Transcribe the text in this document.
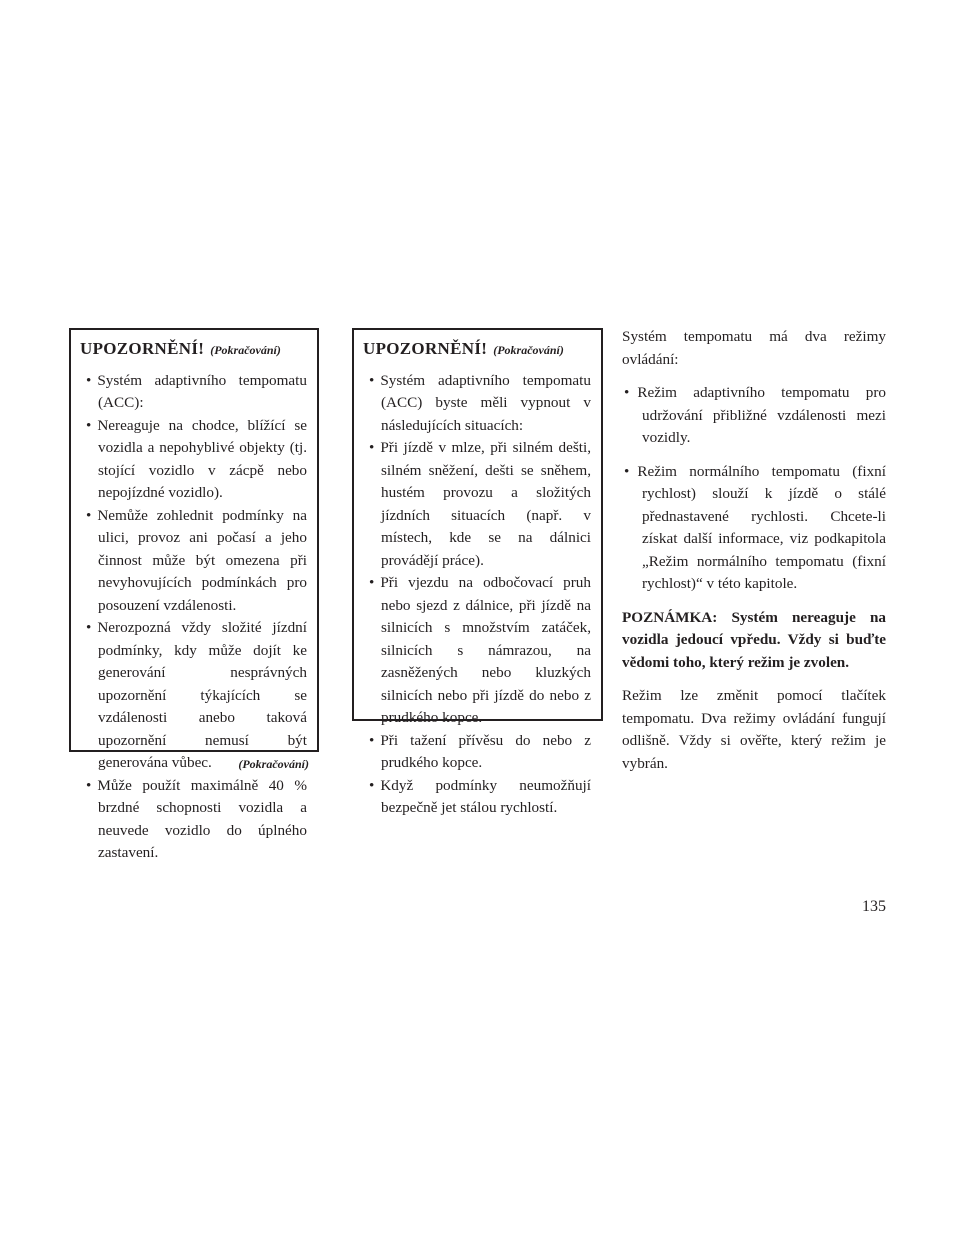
UPOZORNĚNÍ! (Pokračování)
• Systém adaptivního tempomatu (ACC):
• Nereaguje na chodce, blížící se vozidla a nepohyblivé objekty (tj. stojící vozidlo v zácpě nebo nepojízdné vozidlo).
• Nemůže zohlednit podmínky na ulici, provoz ani počasí a jeho činnost může být omezena při nevyhovujících podmínkách pro posouzení vzdálenosti.
• Nerozpozná vždy složité jízdní podmínky, kdy může dojít ke generování nesprávných upozornění týkajících se vzdálenosti anebo taková upozornění nemusí být generována vůbec.
• Může použít maximálně 40 % brzdné schopnosti vozidla a neuvede vozidlo do úplného zastavení.
(Pokračování)
UPOZORNĚNÍ! (Pokračování)
• Systém adaptivního tempomatu (ACC) byste měli vypnout v následujících situacích:
• Při jízdě v mlze, při silném dešti, silném sněžení, dešti se sněhem, hustém provozu a složitých jízdních situacích (např. v místech, kde se na dálnici provádějí práce).
• Při vjezdu na odbočovací pruh nebo sjezd z dálnice, při jízdě na silnicích s množstvím zatáček, silnicích s námrazou, na zasněžených nebo kluzkých silnicích nebo při jízdě do nebo z prudkého kopce.
• Při tažení přívěsu do nebo z prudkého kopce.
• Když podmínky neumožňují bezpečně jet stálou rychlostí.

Systém tempomatu má dva režimy ovládání:

• Režim adaptivního tempomatu pro udržování přibližné vzdálenosti mezi vozidly.
• Režim normálního tempomatu (fixní rychlost) slouží k jízdě o stálé přednastavené rychlosti. Chcete-li získat další informace, viz podkapitola „Režim normálního tempomatu (fixní rychlost)“ v této kapitole.

POZNÁMKA: Systém nereaguje na vozidla jedoucí vpředu. Vždy si buďte vědomi toho, který režim je zvolen.

Režim lze změnit pomocí tlačítek tempomatu. Dva režimy ovládání fungují odlišně. Vždy si ověřte, který režim je vybrán.

135
